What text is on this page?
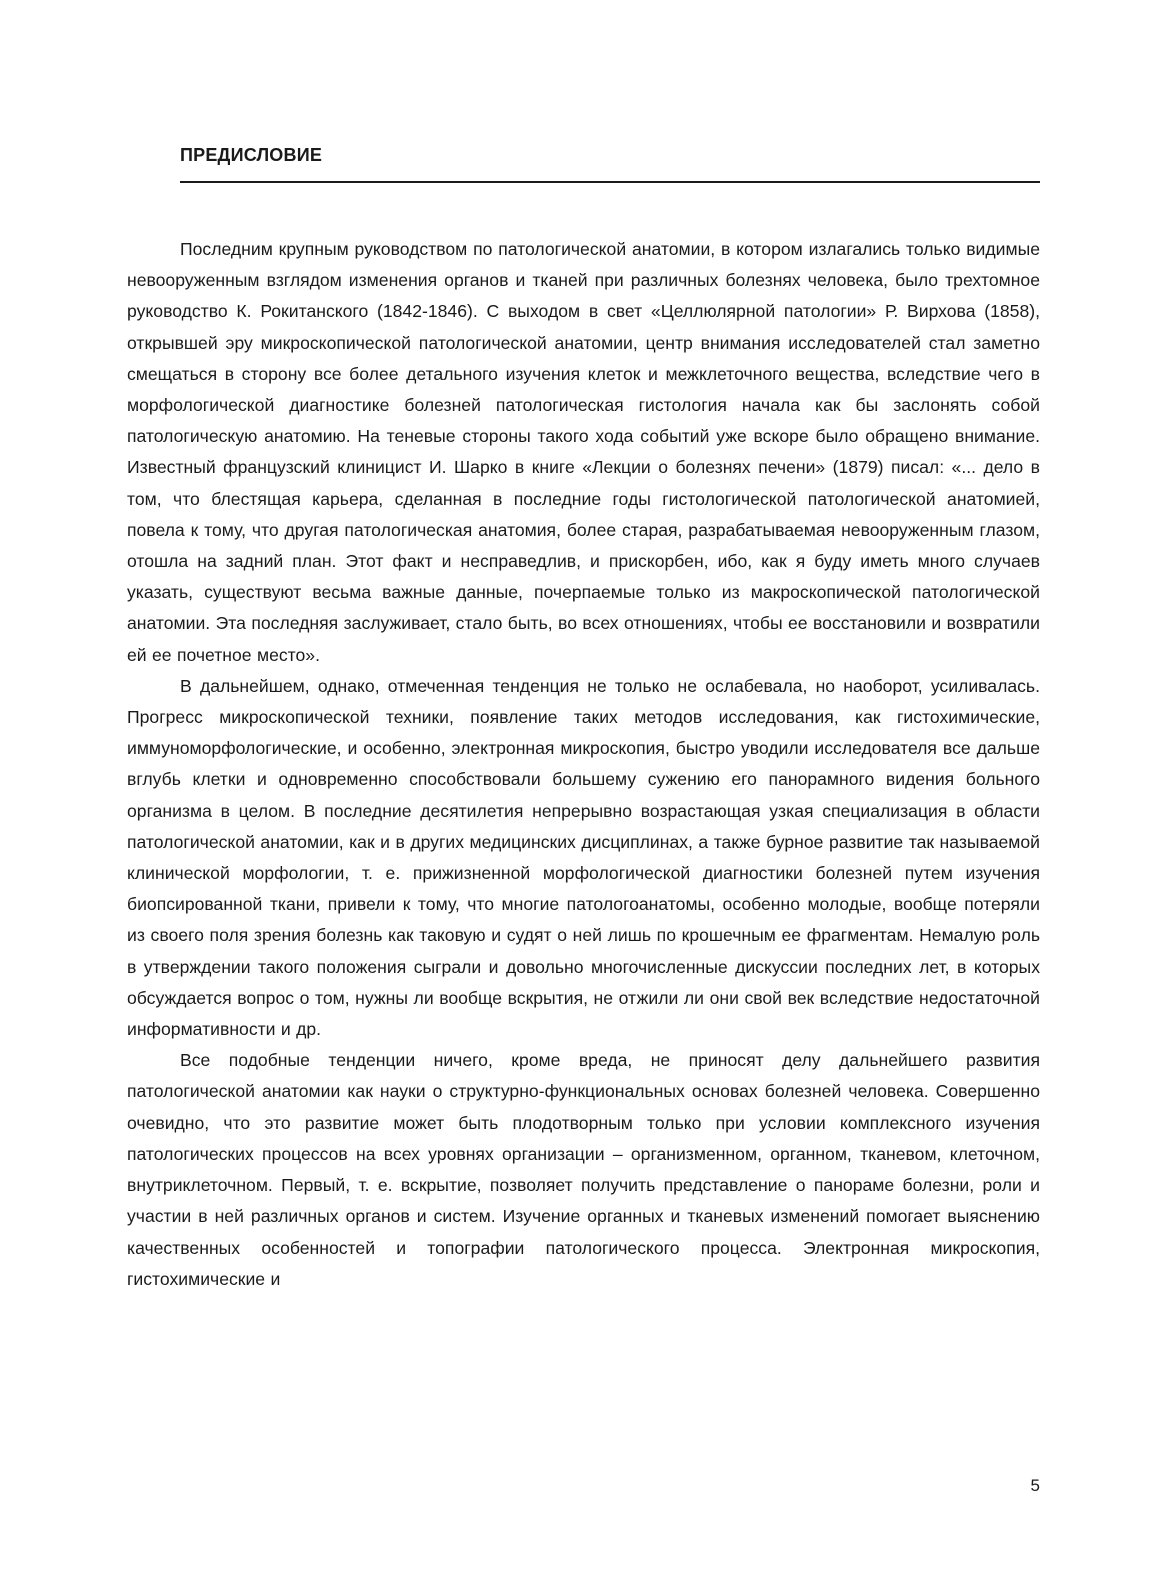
ПРЕДИСЛОВИЕ

Последним крупным руководством по патологической анатомии, в котором излагались только видимые невооруженным взглядом изменения органов и тканей при различных болезнях человека, было трехтомное руководство К. Рокитанского (1842-1846). С выходом в свет «Целлюлярной патологии» Р. Вирхова (1858), открывшей эру микроскопической патологической анатомии, центр внимания исследователей стал заметно смещаться в сторону все более детального изучения клеток и межклеточного вещества, вследствие чего в морфологической диагностике болезней патологическая гистология начала как бы заслонять собой патологическую анатомию. На теневые стороны такого хода событий уже вскоре было обращено внимание. Известный французский клиницист И. Шарко в книге «Лекции о болезнях печени» (1879) писал: «... дело в том, что блестящая карьера, сделанная в последние годы гистологической патологической анатомией, повела к тому, что другая патологическая анатомия, более старая, разрабатываемая невооруженным глазом, отошла на задний план. Этот факт и несправедлив, и прискорбен, ибо, как я буду иметь много случаев указать, существуют весьма важные данные, почерпаемые только из макроскопической патологической анатомии. Эта последняя заслуживает, стало быть, во всех отношениях, чтобы ее восстановили и возвратили ей ее почетное место».

В дальнейшем, однако, отмеченная тенденция не только не ослабевала, но наоборот, усиливалась. Прогресс микроскопической техники, появление таких методов исследования, как гистохимические, иммуноморфологические, и особенно, электронная микроскопия, быстро уводили исследователя все дальше вглубь клетки и одновременно способствовали большему сужению его панорамного видения больного организма в целом. В последние десятилетия непрерывно возрастающая узкая специализация в области патологической анатомии, как и в других медицинских дисциплинах, а также бурное развитие так называемой клинической морфологии, т. е. прижизненной морфологической диагностики болезней путем изучения биопсированной ткани, привели к тому, что многие патологоанатомы, особенно молодые, вообще потеряли из своего поля зрения болезнь как таковую и судят о ней лишь по крошечным ее фрагментам. Немалую роль в утверждении такого положения сыграли и довольно многочисленные дискуссии последних лет, в которых обсуждается вопрос о том, нужны ли вообще вскрытия, не отжили ли они свой век вследствие недостаточной информативности и др.

Все подобные тенденции ничего, кроме вреда, не приносят делу дальнейшего развития патологической анатомии как науки о структурно-функциональных основах болезней человека. Совершенно очевидно, что это развитие может быть плодотворным только при условии комплексного изучения патологических процессов на всех уровнях организации – организменном, органном, тканевом, клеточном, внутриклеточном. Первый, т. е. вскрытие, позволяет получить представление о панораме болезни, роли и участии в ней различных органов и систем. Изучение органных и тканевых изменений помогает выяснению качественных особенностей и топографии патологического процесса. Электронная микроскопия, гистохимические и

5
